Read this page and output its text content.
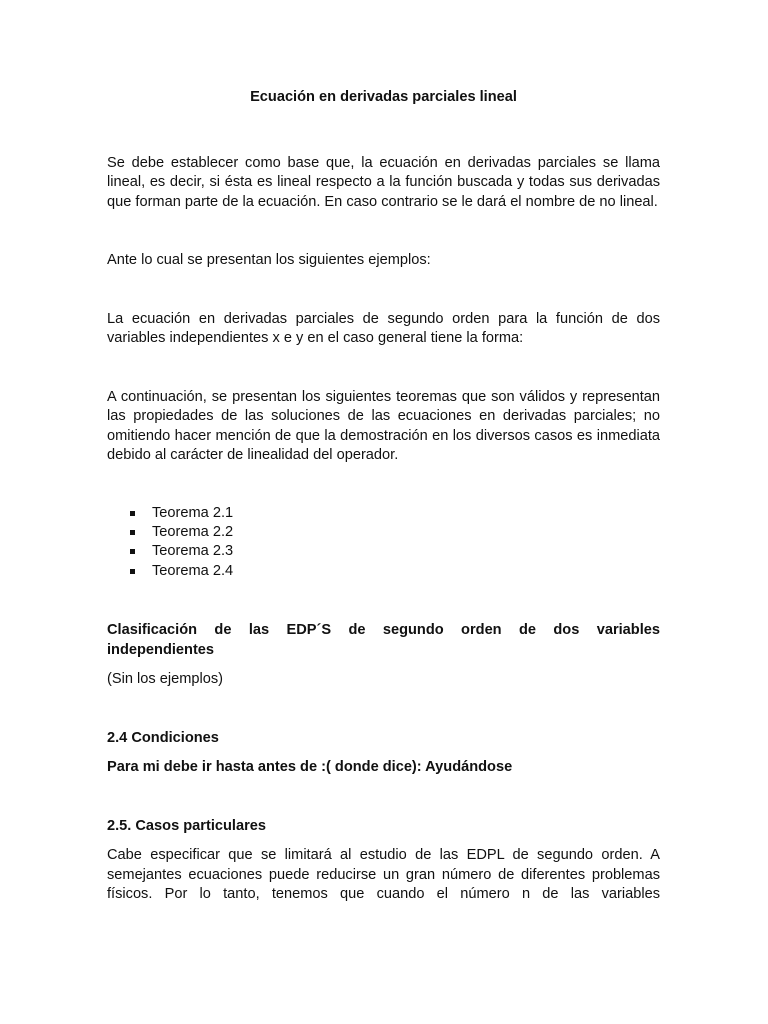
Ecuación en derivadas parciales lineal

Se debe establecer como base que, la ecuación en derivadas parciales se llama lineal, es decir, si ésta es lineal respecto a la función buscada y todas sus derivadas que forman parte de la ecuación. En caso contrario se le dará el nombre de no lineal.

Ante lo cual se presentan los siguientes ejemplos:

La ecuación en derivadas parciales de segundo orden para la función de dos variables independientes x e y en el caso general tiene la forma:

A continuación, se presentan los siguientes teoremas que son válidos y representan las propiedades de las soluciones de las ecuaciones en derivadas parciales; no omitiendo hacer mención de que la demostración en los diversos casos es inmediata debido al carácter de linealidad del operador.

Teorema 2.1
Teorema 2.2
Teorema 2.3
Teorema 2.4
Clasificación de las EDP´S de segundo orden de dos variables
independientes

(Sin los ejemplos)

2.4 Condiciones
Para mi debe ir hasta antes de :( donde dice): Ayudándose
2.5. Casos particulares

Cabe especificar que se limitará al estudio de las EDPL de segundo orden. A semejantes ecuaciones puede reducirse un gran número de diferentes problemas físicos. Por lo tanto, tenemos que cuando el número n de las variables
